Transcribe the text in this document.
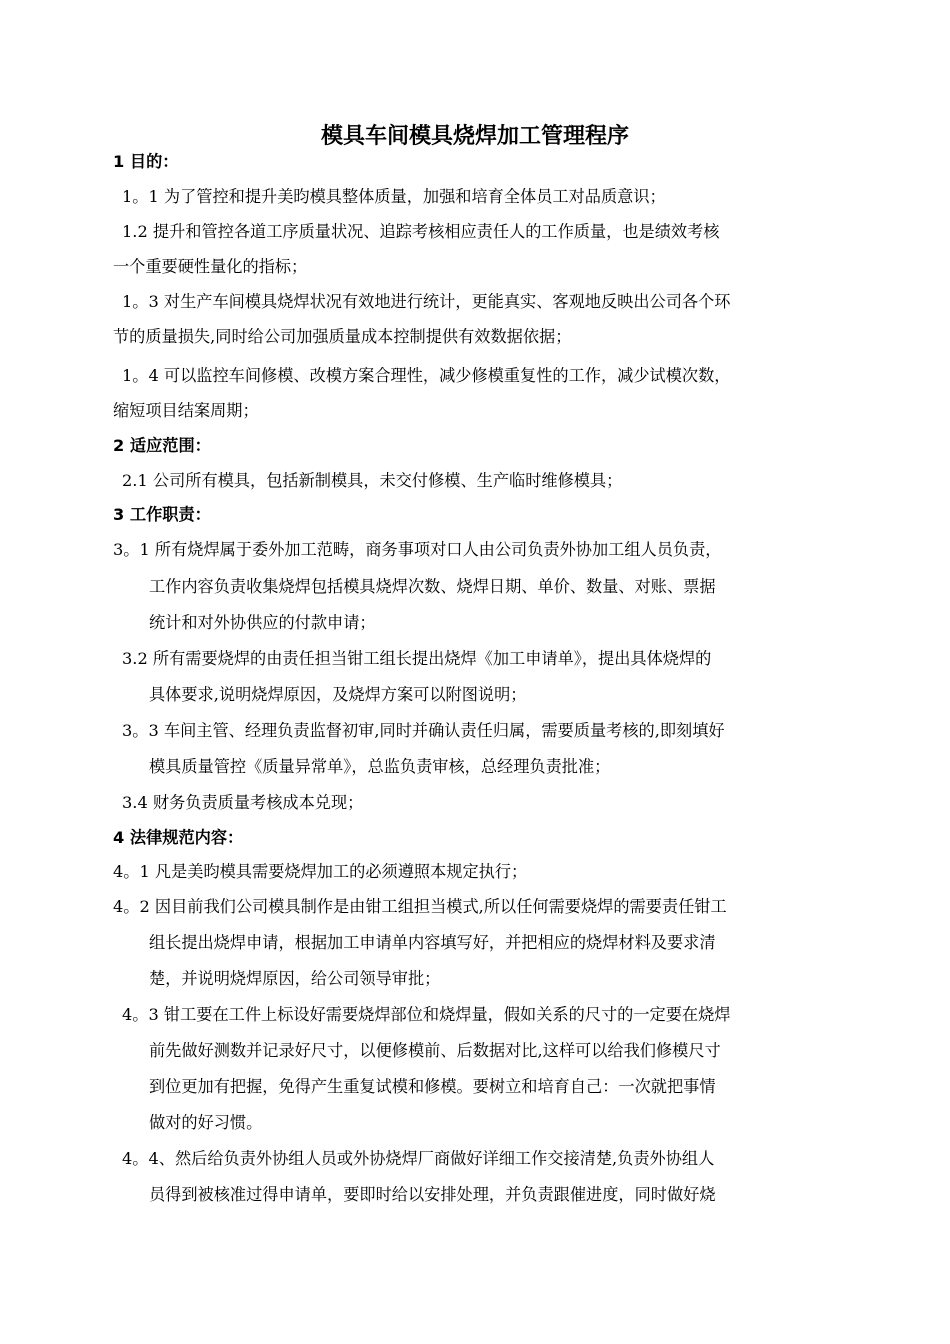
模具车间模具烧焊加工管理程序

1 目的：

1。1 为了管控和提升美昀模具整体质量，加强和培育全体员工对品质意识；

1.2 提升和管控各道工序质量状况、追踪考核相应责任人的工作质量，也是绩效考核

一个重要硬性量化的指标；

1。3 对生产车间模具烧焊状况有效地进行统计，更能真实、客观地反映出公司各个环

节的质量损失,同时给公司加强质量成本控制提供有效数据依据；

1。4 可以监控车间修模、改模方案合理性，减少修模重复性的工作，减少试模次数，

缩短项目结案周期；

2 适应范围：

2.1 公司所有模具，包括新制模具，未交付修模、生产临时维修模具；

3 工作职责：

3。1 所有烧焊属于委外加工范畴，商务事项对口人由公司负责外协加工组人员负责，

工作内容负责收集烧焊包括模具烧焊次数、烧焊日期、单价、数量、对账、票据

统计和对外协供应的付款申请；

3.2 所有需要烧焊的由责任担当钳工组长提出烧焊《加工申请单》，提出具体烧焊的

具体要求,说明烧焊原因，及烧焊方案可以附图说明；

3。3 车间主管、经理负责监督初审,同时并确认责任归属，需要质量考核的,即刻填好

模具质量管控《质量异常单》，总监负责审核，总经理负责批准；

3.4 财务负责质量考核成本兑现；

4 法律规范内容：

4。1 凡是美昀模具需要烧焊加工的必须遵照本规定执行；

4。2 因目前我们公司模具制作是由钳工组担当模式,所以任何需要烧焊的需要责任钳工

组长提出烧焊申请，根据加工申请单内容填写好，并把相应的烧焊材料及要求清

楚，并说明烧焊原因，给公司领导审批；

4。3 钳工要在工件上标设好需要烧焊部位和烧焊量，假如关系的尺寸的一定要在烧焊

前先做好测数并记录好尺寸，以便修模前、后数据对比,这样可以给我们修模尺寸

到位更加有把握，免得产生重复试模和修模。要树立和培育自己：一次就把事情

做对的好习惯。

4。4、然后给负责外协组人员或外协烧焊厂商做好详细工作交接清楚,负责外协组人

员得到被核准过得申请单，要即时给以安排处理，并负责跟催进度，同时做好烧
